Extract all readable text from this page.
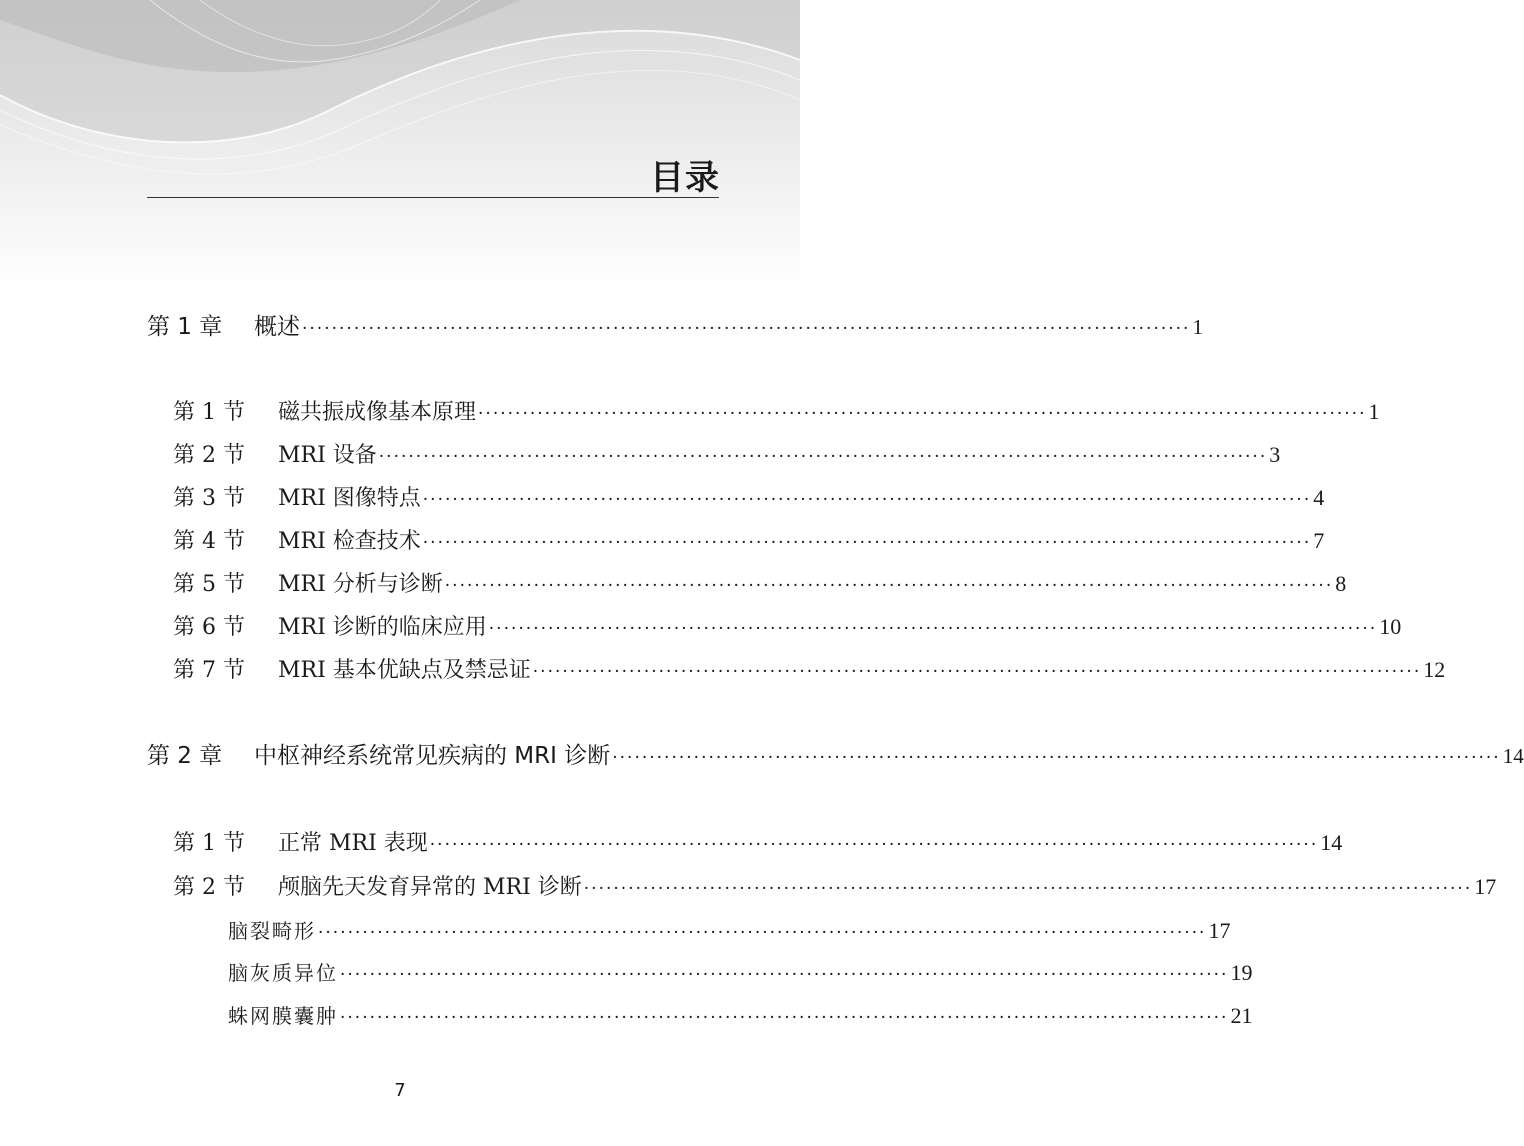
目录
第 1 章	概述 ························································································································ 1
第 1 节	磁共振成像基本原理 ························································································································ 1
第 2 节	MRI 设备 ························································································································ 3
第 3 节	MRI 图像特点 ························································································································ 4
第 4 节	MRI 检查技术 ························································································································ 7
第 5 节	MRI 分析与诊断 ························································································································ 8
第 6 节	MRI 诊断的临床应用 ························································································································ 10
第 7 节	MRI 基本优缺点及禁忌证 ························································································································ 12
第 2 章	中枢神经系统常见疾病的 MRI 诊断 ························································································································ 14
第 1 节	正常 MRI 表现 ························································································································ 14
第 2 节	颅脑先天发育异常的 MRI 诊断 ························································································································ 17
脑裂畸形 ························································································································ 17
脑灰质异位 ························································································································ 19
蛛网膜囊肿 ························································································································ 21
7
